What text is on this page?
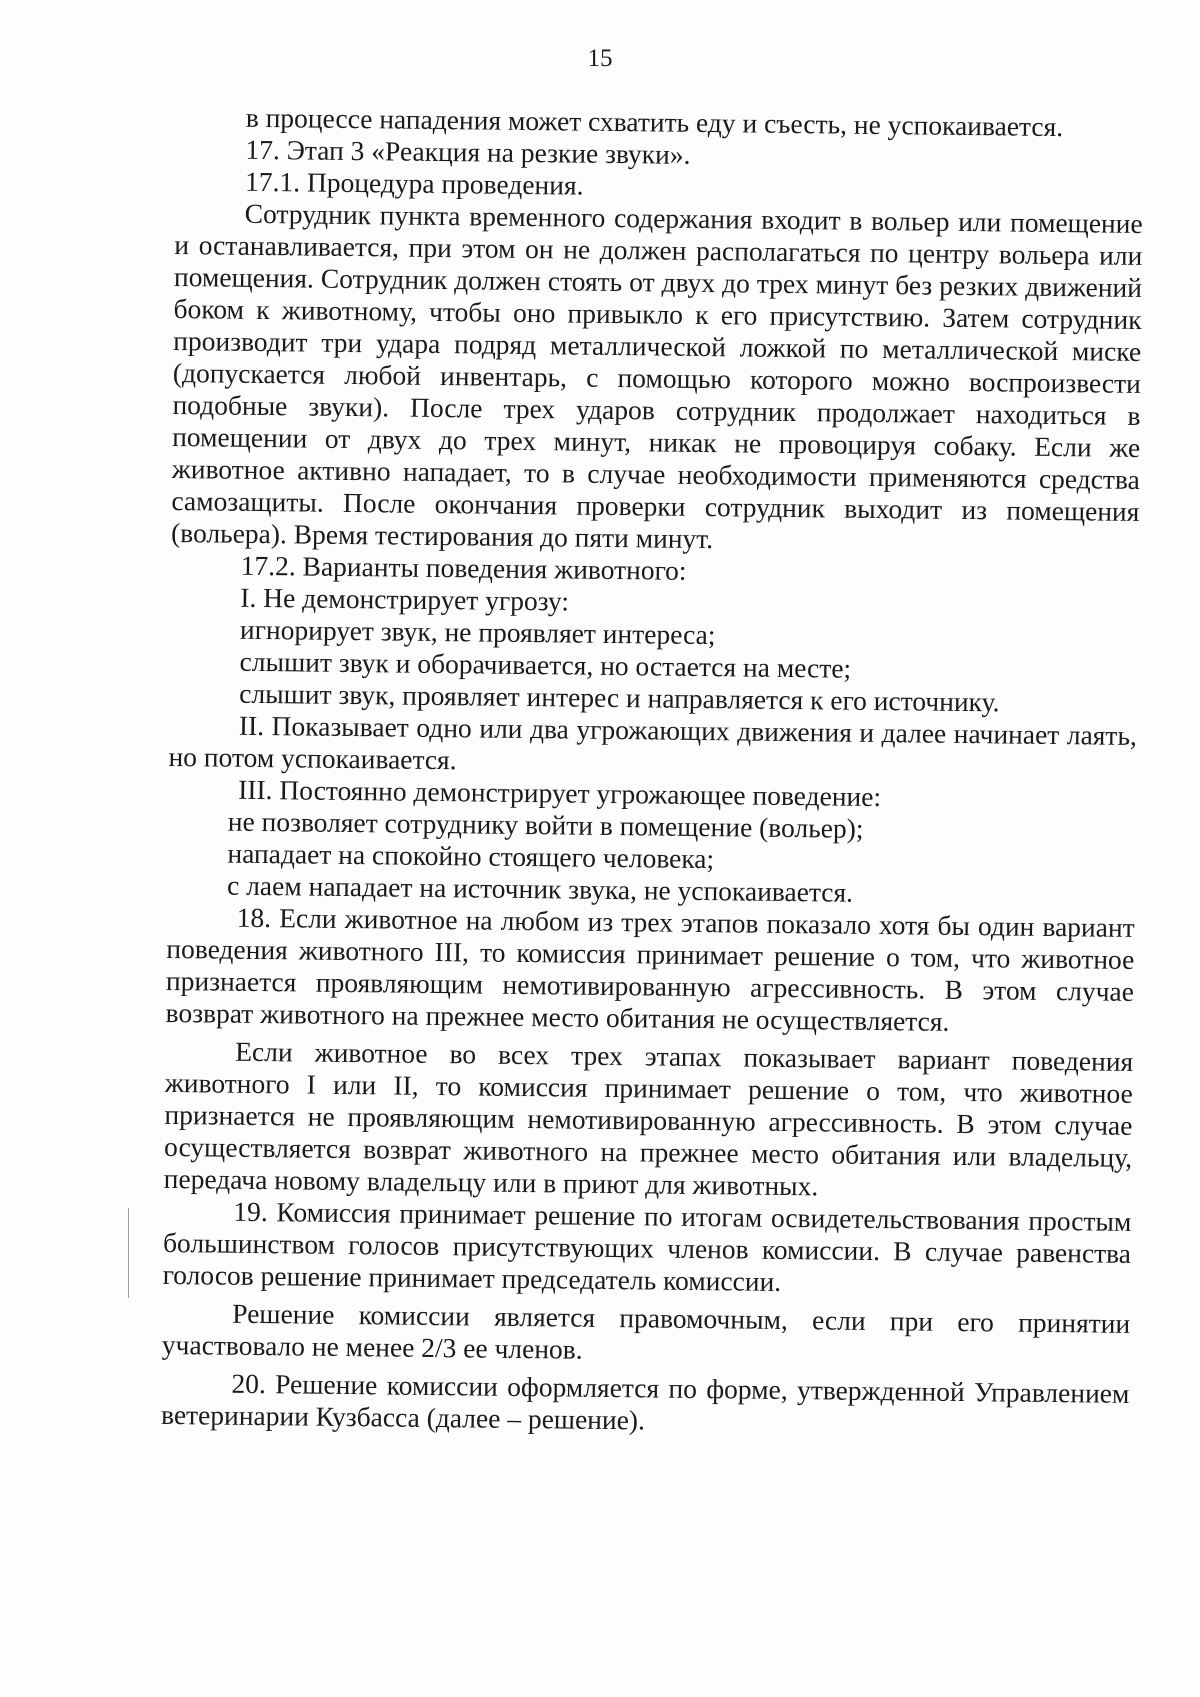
15

в процессе нападения может схватить еду и съесть, не успокаивается.

17. Этап 3 «Реакция на резкие звуки».

17.1. Процедура проведения.

Сотрудник пункта временного содержания входит в вольер или помещение и останавливается, при этом он не должен располагаться по центру вольера или помещения. Сотрудник должен стоять от двух до трех минут без резких движений боком к животному, чтобы оно привыкло к его присутствию. Затем сотрудник производит три удара подряд металлической ложкой по металлической миске (допускается любой инвентарь, с помощью которого можно воспроизвести подобные звуки). После трех ударов сотрудник продолжает находиться в помещении от двух до трех минут, никак не провоцируя собаку. Если же животное активно нападает, то в случае необходимости применяются средства самозащиты. После окончания проверки сотрудник выходит из помещения (вольера). Время тестирования до пяти минут.

17.2. Варианты поведения животного:

I. Не демонстрирует угрозу:

игнорирует звук, не проявляет интереса;

слышит звук и оборачивается, но остается на месте;

слышит звук, проявляет интерес и направляется к его источнику.

II. Показывает одно или два угрожающих движения и далее начинает лаять, но потом успокаивается.

III. Постоянно демонстрирует угрожающее поведение:

не позволяет сотруднику войти в помещение (вольер);

нападает на спокойно стоящего человека;

с лаем нападает на источник звука, не успокаивается.

18. Если животное на любом из трех этапов показало хотя бы один вариант поведения животного III, то комиссия принимает решение о том, что животное признается проявляющим немотивированную агрессивность. В этом случае возврат животного на прежнее место обитания не осуществляется.

Если животное во всех трех этапах показывает вариант поведения животного I или II, то комиссия принимает решение о том, что животное признается не проявляющим немотивированную агрессивность. В этом случае осуществляется возврат животного на прежнее место обитания или владельцу, передача новому владельцу или в приют для животных.

19. Комиссия принимает решение по итогам освидетельствования простым большинством голосов присутствующих членов комиссии. В случае равенства голосов решение принимает председатель комиссии.

Решение комиссии является правомочным, если при его принятии участвовало не менее 2/3 ее членов.

20. Решение комиссии оформляется по форме, утвержденной Управлением ветеринарии Кузбасса (далее – решение).
